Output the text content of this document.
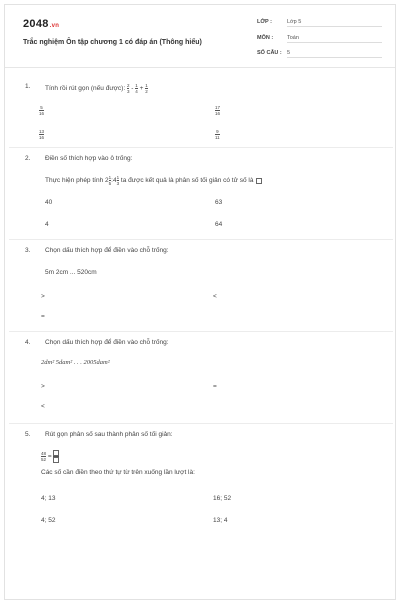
2048.vn
Trắc nghiệm Ôn tập chương 1 có đáp án (Thông hiểu)
LỚP :	Lớp 5
MÔN :	Toán
SỐ CÂU : 5
1. Tính rồi rút gọn (nếu được): $\frac{2}{3} - \frac{1}{4} + \frac{1}{2}$
$\frac{5}{16}$	$\frac{17}{16}$
$\frac{13}{16}$	$\frac{9}{11}$
2. Điền số thích hợp vào ô trống:
Thực hiện phép tính $2 \frac{1}{5}$ :4 $\frac{1}{3}$ ta được kết quả là phân số tối giản có tử số là
40	63
4	64
3. Chọn dấu thích hợp để điền vào chỗ trống:
5m 2cm ... 520cm
>	<
=
4. Chọn dấu thích hợp để điền vào chỗ trống:
2dm² 5dam² . . . 2005dam²
>	=
<
5. Rút gọn phân số sau thành phân số tối giản:
$\frac{48}{52}$ =
Các số cần điền theo thứ tự từ trên xuống lần lượt là:
4; 13	16; 52
4; 52	13; 4
